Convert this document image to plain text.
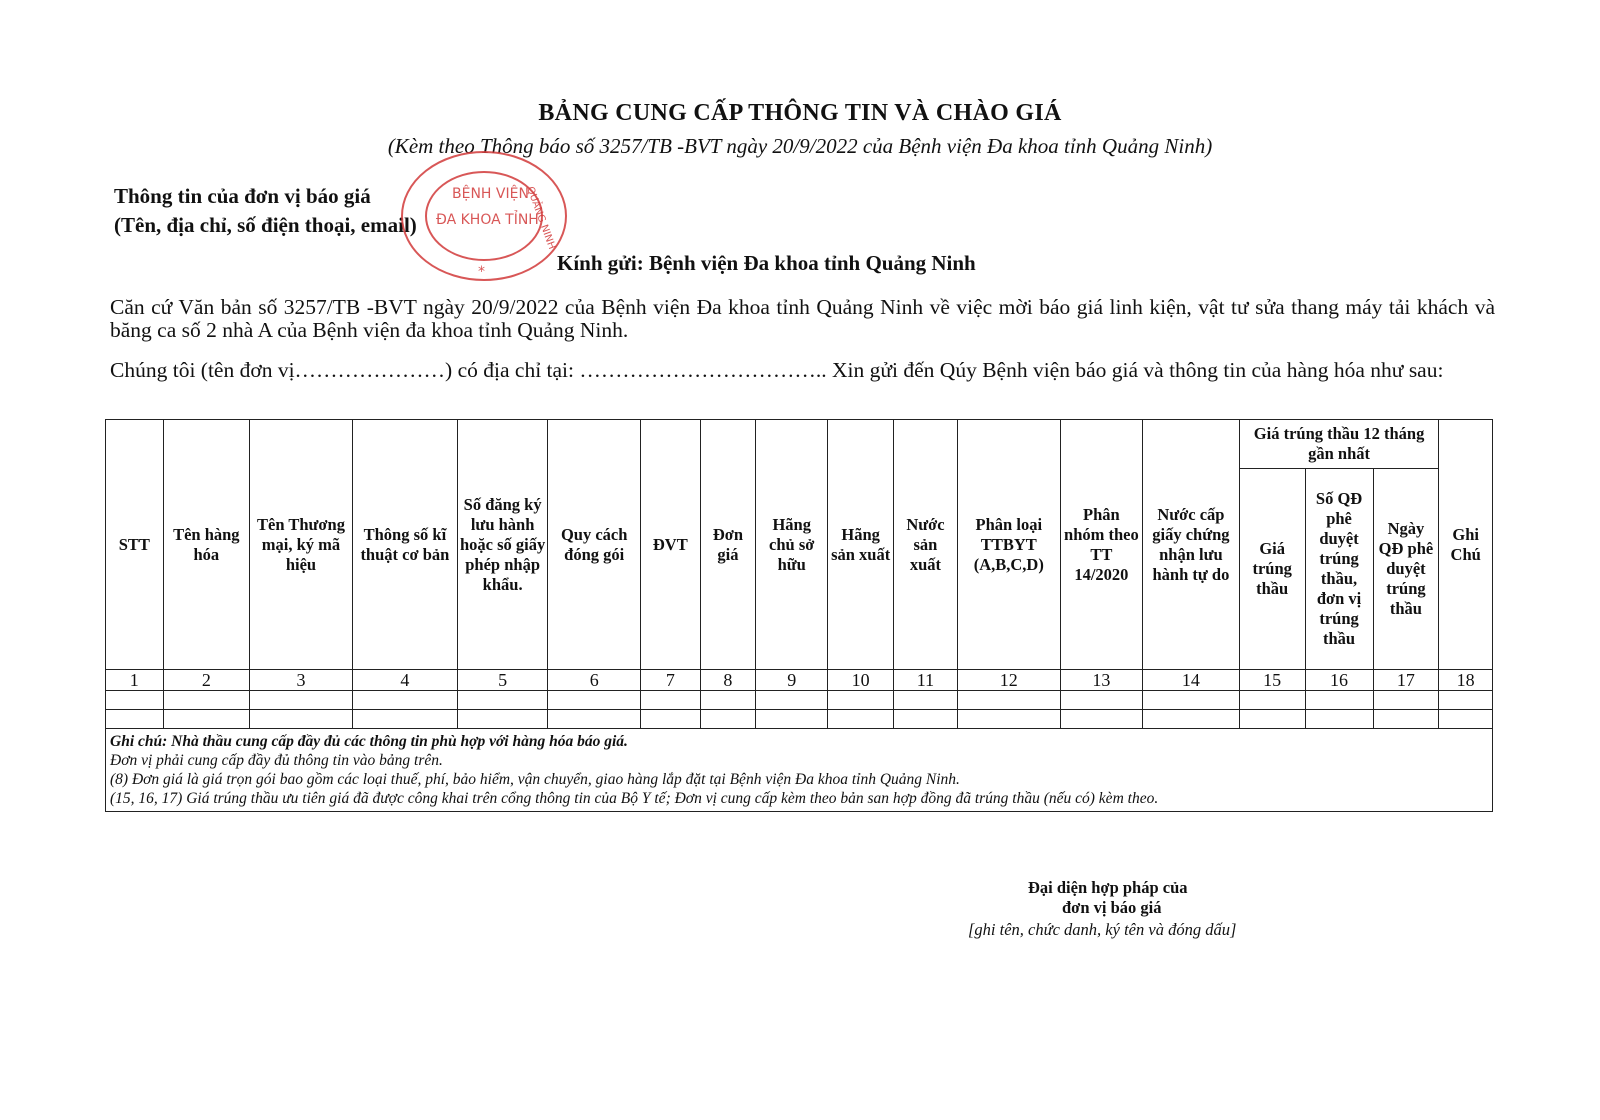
BẢNG CUNG CẤP THÔNG TIN VÀ CHÀO GIÁ
(Kèm theo Thông báo số 3257/TB -BVT ngày 20/9/2022 của Bệnh viện Đa khoa tỉnh Quảng Ninh)
Thông tin của đơn vị báo giá
(Tên, địa chỉ, số điện thoại, email)
BỆNH VIỆN
ĐA KHOA TỈNH
QUẢNG NINH
*	Kính gửi: Bệnh viện Đa khoa tỉnh Quảng Ninh
Căn cứ Văn bản số 3257/TB -BVT ngày 20/9/2022 của Bệnh viện Đa khoa tỉnh Quảng Ninh về việc mời báo giá linh kiện, vật tư sửa thang máy tải khách và băng ca số 2 nhà A của Bệnh viện đa khoa tỉnh Quảng Ninh.
Chúng tôi (tên đơn vị…………………) có địa chỉ tại: …………………………….. Xin gửi đến Qúy Bệnh viện báo giá và thông tin của hàng hóa như sau:
STT	Tên hàng hóa	Tên Thương mại, ký mã hiệu	Thông số kĩ thuật cơ bản	Số đăng ký lưu hành hoặc số giấy phép nhập khẩu.	Quy cách đóng gói	ĐVT	Đơn giá	Hãng chủ sở hữu	Hãng sản xuất	Nước sản xuất	Phân loại TTBYT (A,B,C,D)	Phân nhóm theo TT 14/2020	Nước cấp giấy chứng nhận lưu hành tự do	Giá trúng thầu 12 tháng gần nhất			Ghi Chú
														Giá trúng thầu	Số QĐ phê duyệt trúng thầu, đơn vị trúng thầu	Ngày QĐ phê duyệt trúng thầu	
1	2	3	4	5	6	7	8	9	10	11	12	13	14	15	16	17	18

Ghi chú: Nhà thầu cung cấp đầy đủ các thông tin phù hợp với hàng hóa báo giá.
Đơn vị phải cung cấp đầy đủ thông tin vào bảng trên.
(8) Đơn giá là giá trọn gói bao gồm các loại thuế, phí, bảo hiểm, vận chuyển, giao hàng lắp đặt tại Bệnh viện Đa khoa tỉnh Quảng Ninh.
(15, 16, 17) Giá trúng thầu ưu tiên giá đã được công khai trên cổng thông tin của Bộ Y tế; Đơn vị cung cấp kèm theo bản san hợp đồng đã trúng thầu (nếu có) kèm theo.																	
Đại diện hợp pháp của
đơn vị báo giá
[ghi tên, chức danh, ký tên và đóng dấu]
